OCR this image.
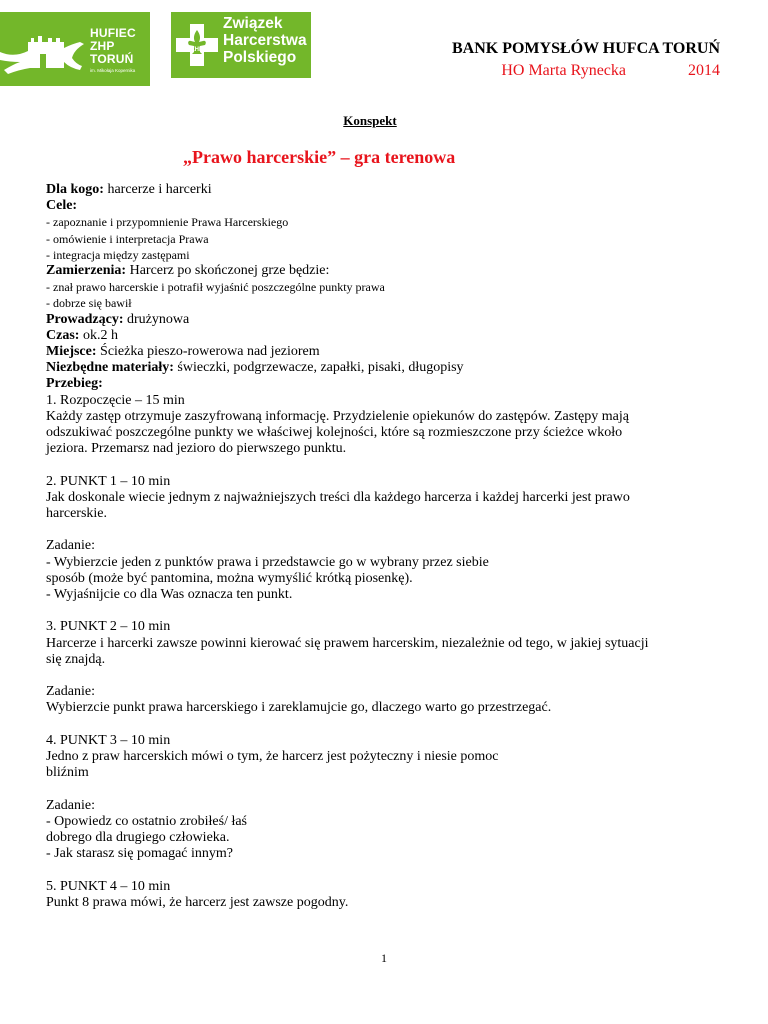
HUFIEC
ZHP
TORUŃ
im. Mikołaja Kopernika
ZHP
Związek
Harcerstwa
Polskiego
BANK POMYSŁÓW HUFCA TORUŃ
HO Marta Rynecka	2014
Konspekt
„Prawo harcerskie” – gra terenowa
Dla kogo: harcerze i harcerki
Cele:
- zapoznanie i przypomnienie Prawa Harcerskiego
- omówienie i interpretacja Prawa
- integracja między zastępami
Zamierzenia: Harcerz po skończonej grze będzie:
- znał prawo harcerskie i potrafił wyjaśnić poszczególne punkty prawa
- dobrze się bawił
Prowadzący: drużynowa
Czas: ok.2 h
Miejsce: Ścieżka pieszo-rowerowa nad jeziorem
Niezbędne materiały: świeczki, podgrzewacze, zapałki, pisaki, długopisy
Przebieg:
1. Rozpoczęcie – 15 min
Każdy zastęp otrzymuje zaszyfrowaną informację. Przydzielenie opiekunów do zastępów. Zastępy mają
odszukiwać poszczególne punkty we właściwej kolejności, które są rozmieszczone przy ścieżce wkoło
jeziora. Przemarsz nad jezioro do pierwszego punktu.
2. PUNKT 1 – 10 min
Jak doskonale wiecie jednym z najważniejszych treści dla każdego harcerza i każdej harcerki jest prawo
harcerskie.
Zadanie:
- Wybierzcie jeden z punktów prawa i przedstawcie go w wybrany przez siebie
sposób (może być pantomina, można wymyślić krótką piosenkę).
- Wyjaśnijcie co dla Was oznacza ten punkt.
3. PUNKT 2 – 10 min
Harcerze i harcerki zawsze powinni kierować się prawem harcerskim, niezależnie od tego, w jakiej sytuacji
się znajdą.
Zadanie:
Wybierzcie punkt prawa harcerskiego i zareklamujcie go, dlaczego warto go przestrzegać.
4. PUNKT 3 – 10 min
Jedno z praw harcerskich mówi o tym, że harcerz jest pożyteczny i niesie pomoc
bliźnim
Zadanie:
- Opowiedz co ostatnio zrobiłeś/ łaś
dobrego dla drugiego człowieka.
- Jak starasz się pomagać innym?
5. PUNKT 4 – 10 min
Punkt 8 prawa mówi, że harcerz jest zawsze pogodny.
1
